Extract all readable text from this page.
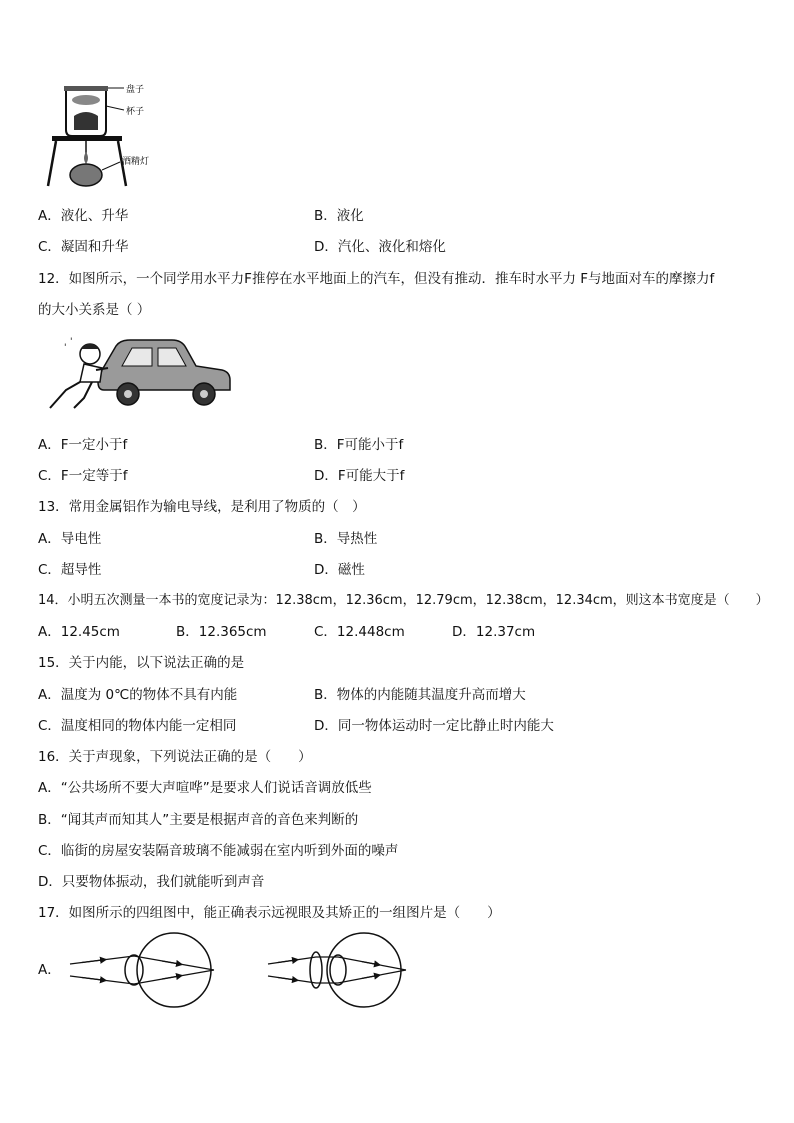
盘子
杯子
酒精灯
A．液化、升华	B．液化
C．凝固和升华	D．汽化、液化和熔化
12．如图所示，一个同学用水平力F推停在水平地面上的汽车，但没有推动．推车时水平力 F与地面对车的摩擦力f
的大小关系是（ ）
'
'
A．F一定小于f	B．F可能小于f
C．F一定等于f	D．F可能大于f
13．常用金属铝作为输电导线，是利用了物质的（　）
A．导电性	B．导热性
C．超导性	D．磁性
14．小明五次测量一本书的宽度记录为：12.38cm，12.36cm，12.79cm，12.38cm，12.34cm，则这本书宽度是（　　）
A．12.45cm	B．12.365cm	C．12.448cm	D．12.37cm
15．关于内能，以下说法正确的是
A．温度为 0℃的物体不具有内能	B．物体的内能随其温度升高而增大
C．温度相同的物体内能一定相同	D．同一物体运动时一定比静止时内能大
16．关于声现象，下列说法正确的是（　　）
A．“公共场所不要大声喧哗”是要求人们说话音调放低些
B．“闻其声而知其人”主要是根据声音的音色来判断的
C．临街的房屋安装隔音玻璃不能减弱在室内听到外面的噪声
D．只要物体振动，我们就能听到声音
17．如图所示的四组图中，能正确表示远视眼及其矫正的一组图片是（　　）
A．
